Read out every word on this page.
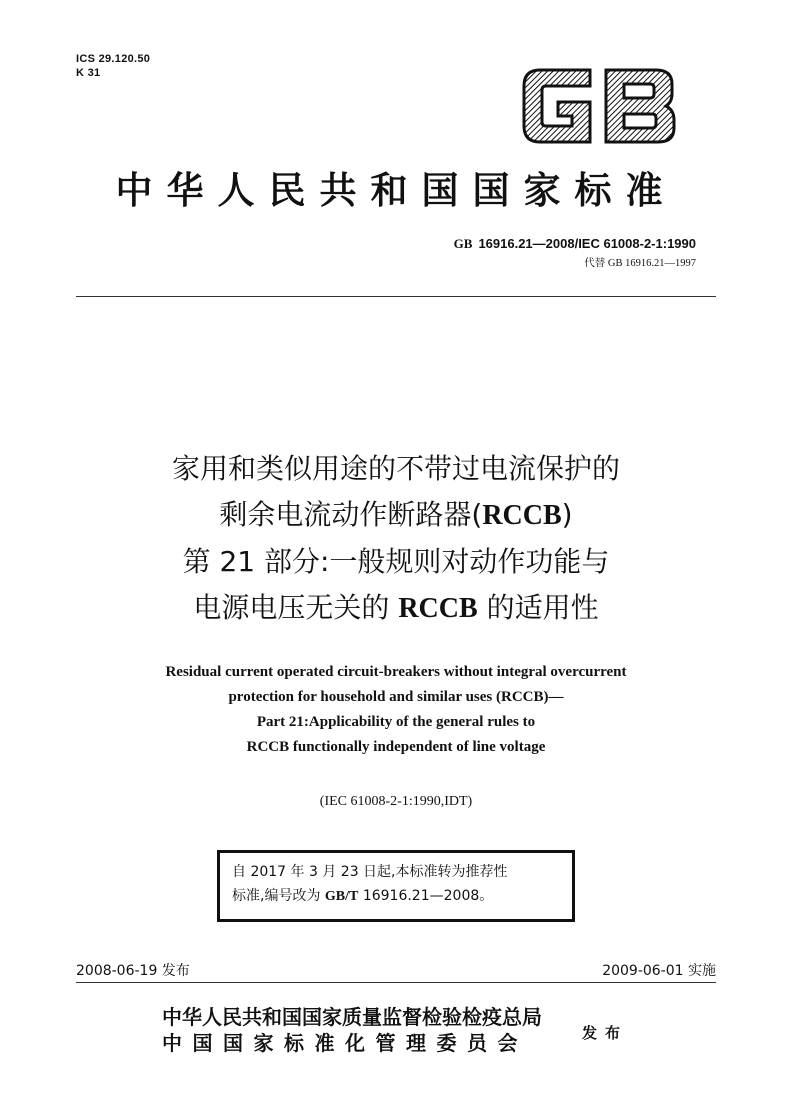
ICS 29.120.50
K 31
中华人民共和国国家标准
GB 16916.21—2008/IEC 61008-2-1:1990
代替 GB 16916.21—1997
家用和类似用途的不带过电流保护的
剩余电流动作断路器(RCCB)
第 21 部分:一般规则对动作功能与
电源电压无关的 RCCB 的适用性
Residual current operated circuit-breakers without integral overcurrent
protection for household and similar uses (RCCB)—
Part 21:Applicability of the general rules to
RCCB functionally independent of line voltage
(IEC 61008-2-1:1990,IDT)
自 2017 年 3 月 23 日起,本标准转为推荐性
标准,编号改为 GB/T 16916.21—2008。
2008-06-19 发布	2009-06-01 实施
中华人民共和国国家质量监督检验检疫总局
中国国家标准化管理委员会	发布
